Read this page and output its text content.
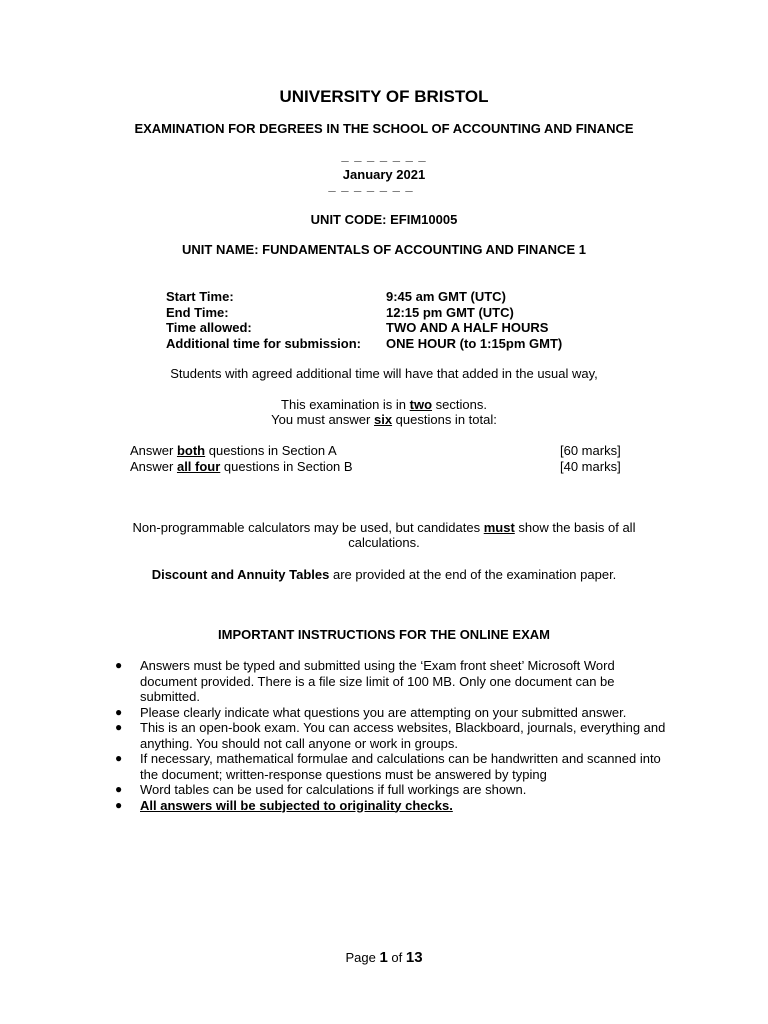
UNIVERSITY OF BRISTOL
EXAMINATION FOR DEGREES IN THE SCHOOL OF ACCOUNTING AND FINANCE
_ _ _ _ _ _ _
January 2021
_ _ _ _ _ _ _
UNIT CODE: EFIM10005
UNIT NAME: FUNDAMENTALS OF ACCOUNTING AND FINANCE 1
Start Time:	9:45 am GMT (UTC)
End Time:	12:15 pm GMT (UTC)
Time allowed:	TWO AND A HALF HOURS
Additional time for submission:	ONE HOUR (to 1:15pm GMT)
Students with agreed additional time will have that added in the usual way,
This examination is in two sections.
You must answer six questions in total:
Answer both questions in Section A	[60 marks]
Answer all four questions in Section B	[40 marks]
Non-programmable calculators may be used, but candidates must show the basis of all
calculations.
Discount and Annuity Tables are provided at the end of the examination paper.
IMPORTANT INSTRUCTIONS FOR THE ONLINE EXAM
● Answers must be typed and submitted using the ‘Exam front sheet’ Microsoft Word document provided. There is a file size limit of 100 MB. Only one document can be submitted.
● Please clearly indicate what questions you are attempting on your submitted answer.
● This is an open-book exam. You can access websites, Blackboard, journals, everything and anything. You should not call anyone or work in groups.
● If necessary, mathematical formulae and calculations can be handwritten and scanned into the document; written-response questions must be answered by typing
● Word tables can be used for calculations if full workings are shown.
● All answers will be subjected to originality checks.
Page 1 of 13
